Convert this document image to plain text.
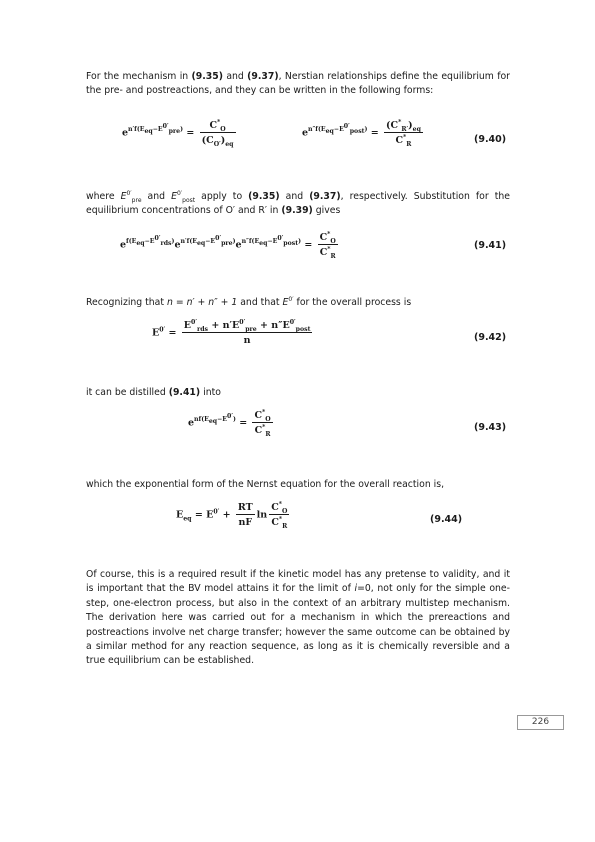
For the mechanism in (9.35) and (9.37), Nerstian relationships define the equilibrium for the pre- and postreactions, and they can be written in the following forms:
$e^{n'f(E_{eq}-E^{0'}_{pre})} = \frac{C^*_O}{(C_{O'})_{eq}}$	$e^{n''f(E_{eq}-E^{0'}_{post})} = \frac{(C^*_{R'})_{eq}}{C^*_R}$	(9.40)
where $E^{0'}_{pre}$ and $E^{0'}_{post}$ apply to (9.35) and (9.37), respectively. Substitution for the equilibrium concentrations of O′ and R′ in (9.39) gives
$e^{f(E_{eq}-E^{0'}_{rds})}e^{n'f(E_{eq}-E^{0'}_{pre})}e^{n''f(E_{eq}-E^{0'}_{post})} = \frac{C^*_O}{C^*_R}$	(9.41)
Recognizing that n = n′ + n″ + 1 and that $E^{0'}$ for the overall process is
$E^{0'} = \frac{E^{0'}_{rds} + n'E^{0'}_{pre} + n''E^{0'}_{post}}{n}$	(9.42)
it can be distilled (9.41) into
$e^{nf(E_{eq}-E^{0'})} = \frac{C^*_O}{C^*_R}$	(9.43)
which the exponential form of the Nernst equation for the overall reaction is,
$E_{eq} = E^{0'} + \frac{RT}{nF}$ $\ln \frac{C^*_O}{C^*_R}$	(9.44)
Of course, this is a required result if the kinetic model has any pretense to validity, and it is important that the BV model attains it for the limit of i=0, not only for the simple one-step, one-electron process, but also in the context of an arbitrary multistep mechanism. The derivation here was carried out for a mechanism in which the prereactions and postreactions involve net charge transfer; however the same outcome can be obtained by a similar method for any reaction sequence, as long as it is chemically reversible and a true equilibrium can be established.
226
